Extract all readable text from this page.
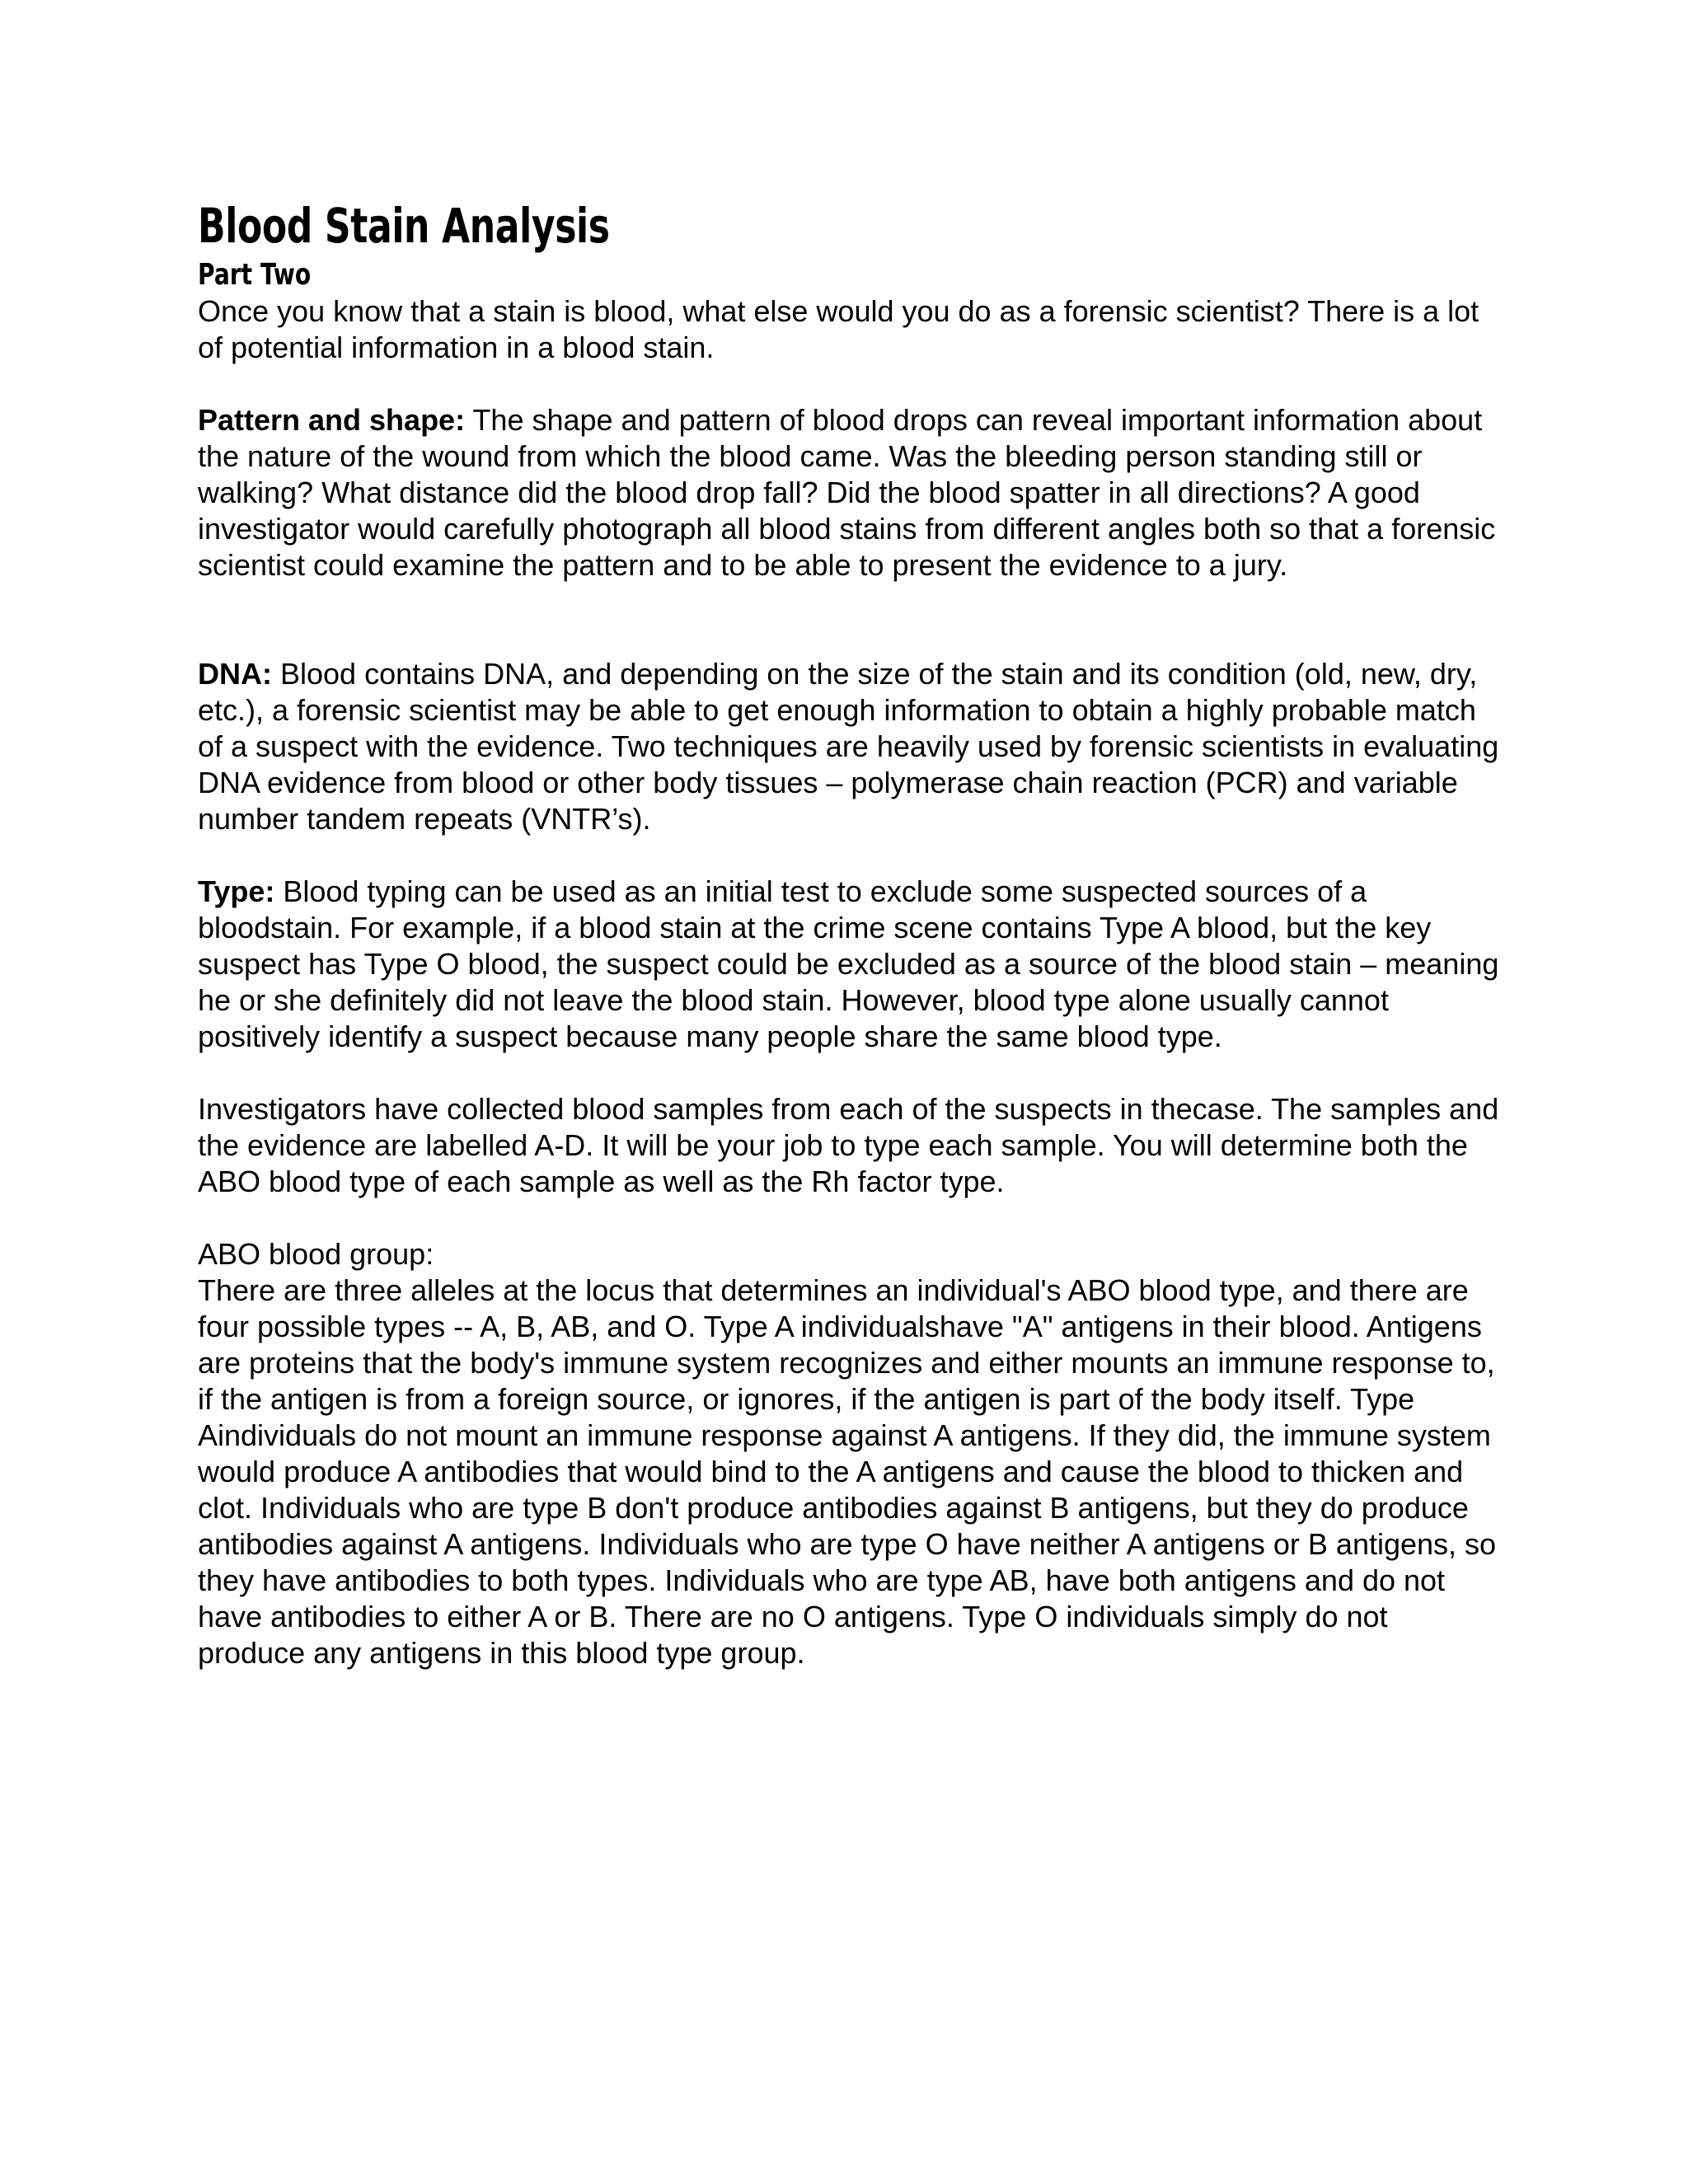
Blood Stain Analysis
Part Two

Once you know that a stain is blood, what else would you do as a forensic scientist? There is a lot of potential information in a blood stain.

Pattern and shape: The shape and pattern of blood drops can reveal important information about the nature of the wound from which the blood came. Was the bleeding person standing still or walking? What distance did the blood drop fall? Did the blood spatter in all directions? A good investigator would carefully photograph all blood stains from different angles both so that a forensic scientist could examine the pattern and to be able to present the evidence to a jury.

DNA: Blood contains DNA, and depending on the size of the stain and its condition (old, new, dry, etc.), a forensic scientist may be able to get enough information to obtain a highly probable match of a suspect with the evidence. Two techniques are heavily used by forensic scientists in evaluating DNA evidence from blood or other body tissues – polymerase chain reaction (PCR) and variable number tandem repeats (VNTR’s).

Type: Blood typing can be used as an initial test to exclude some suspected sources of a bloodstain. For example, if a blood stain at the crime scene contains Type A blood, but the key suspect has Type O blood, the suspect could be excluded as a source of the blood stain – meaning he or she definitely did not leave the blood stain. However, blood type alone usually cannot positively identify a suspect because many people share the same blood type.

Investigators have collected blood samples from each of the suspects in thecase. The samples and the evidence are labelled A-D. It will be your job to type each sample. You will determine both the ABO blood type of each sample as well as the Rh factor type.

ABO blood group:

There are three alleles at the locus that determines an individual's ABO blood type, and there are four possible types -- A, B, AB, and O. Type A individualshave "A" antigens in their blood. Antigens are proteins that the body's immune system recognizes and either mounts an immune response to, if the antigen is from a foreign source, or ignores, if the antigen is part of the body itself. Type Aindividuals do not mount an immune response against A antigens. If they did, the immune system would produce A antibodies that would bind to the A antigens and cause the blood to thicken and clot. Individuals who are type B don't produce antibodies against B antigens, but they do produce antibodies against A antigens. Individuals who are type O have neither A antigens or B antigens, so they have antibodies to both types. Individuals who are type AB, have both antigens and do not have antibodies to either A or B. There are no O antigens. Type O individuals simply do not produce any antigens in this blood type group.
